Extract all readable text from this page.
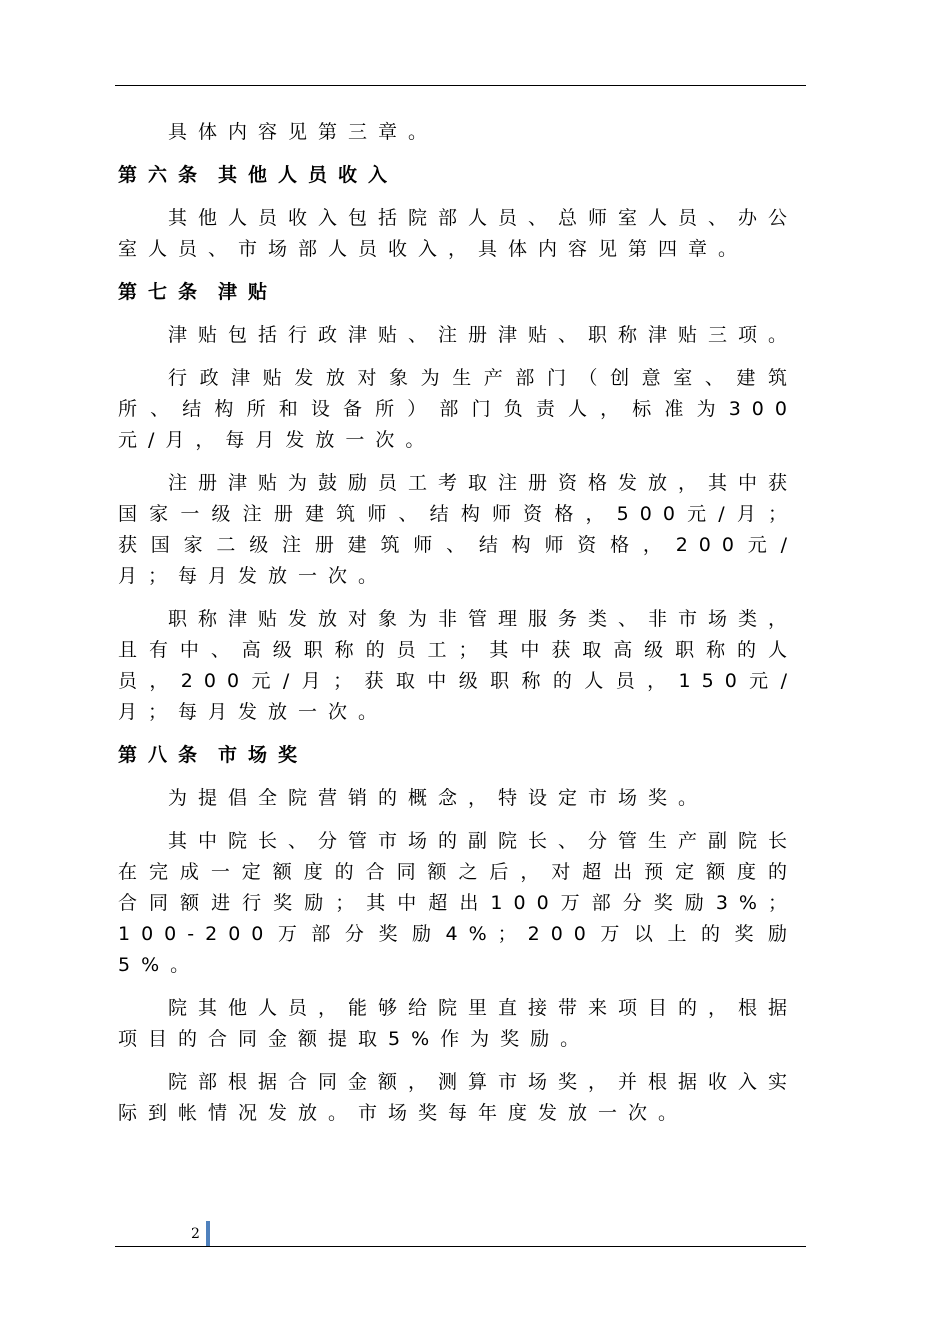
具体内容见第三章。

第六条 其他人员收入

其他人员收入包括院部人员、总师室人员、办公室人员、市场部人员收入，具体内容见第四章。

第七条 津贴

津贴包括行政津贴、注册津贴、职称津贴三项。

行政津贴发放对象为生产部门（创意室、建筑所、结构所和设备所）部门负责人，标准为300元/月，每月发放一次。

注册津贴为鼓励员工考取注册资格发放，其中获国家一级注册建筑师、结构师资格，500元/月；获国家二级注册建筑师、结构师资格，200元/月；每月发放一次。

职称津贴发放对象为非管理服务类、非市场类，且有中、高级职称的员工；其中获取高级职称的人员，200元/月；获取中级职称的人员，150元/月；每月发放一次。

第八条 市场奖

为提倡全院营销的概念，特设定市场奖。

其中院长、分管市场的副院长、分管生产副院长在完成一定额度的合同额之后，对超出预定额度的合同额进行奖励；其中超出100万部分奖励3%；100-200万部分奖励4%；200万以上的奖励5%。

院其他人员，能够给院里直接带来项目的，根据项目的合同金额提取5%作为奖励。

院部根据合同金额，测算市场奖，并根据收入实际到帐情况发放。市场奖每年度发放一次。

2
